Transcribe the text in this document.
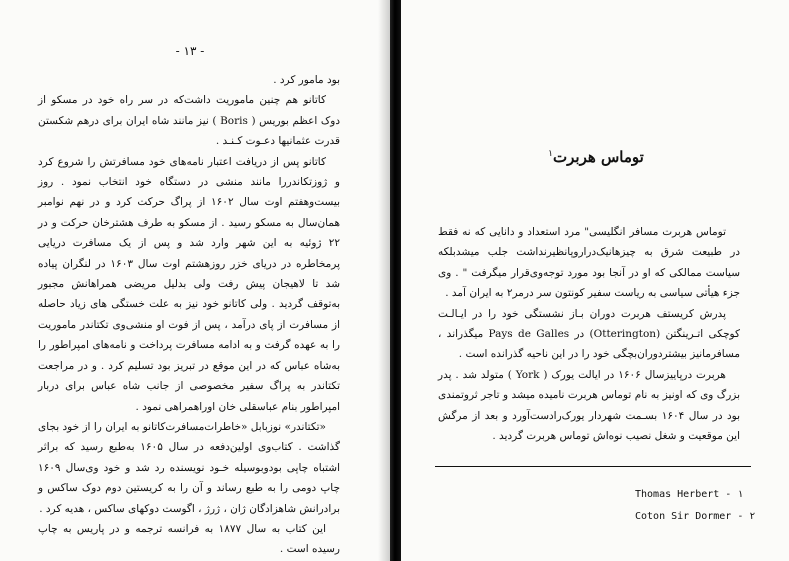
- ١٣ -

بود مامور کرد .

کاتانو هم چنین ماموریت داشت‌که در سر راه خود در مسکو از دوک اعظم بوریس ( Boris ) نیز مانند شاه ایران برای درهم شکستن قدرت عثمانیها دعـوت کـنـد .

کاتانو پس از دریافت اعتبار نامه‌های خود مسافرتش را شروع کرد و ژوزتکاندررا مانند منشی در دستگاه خود انتخاب نمود . روز بیست‌وهفتم اوت سال ۱۶۰۲ از پراگ حرکت کرد و در نهم نوامبر همان‌سال به مسکو رسید . از مسکو به طرف هشترخان حرکت و در ۲۲ ژوئیه به این شهر وارد شد و پس از یک مسافرت دریایی پرمخاطره در دریای خزر روزهشتم اوت سال ۱۶۰۳ در لنگران پیاده شد تا لاهیجان پیش رفت ولی بدلیل مریضی همراهانش مجبور به‌توقف گردید . ولی کاتانو خود نیز به علت خستگی های زیاد حاصله از مسافرت از پای درآمد ، پس از فوت او منشی‌وی تکتاندر ماموریت را به عهده گرفت و به ادامه مسافرت پرداخت و نامه‌های امپراطور را به‌شاه عباس که در این موقع در تبریز بود تسلیم کرد . و در مراجعت تکتاندر به پراگ سفیر مخصوصی از جانب شاه عباس برای دربار امپراطور بنام عباسقلی خان اوراهمراهی نمود .

«تکتاندر» نوزبابل «خاطرات‌مسافرت‌کاتانو به ایران را از خود بجای گذاشت . کتاب‌وی اولین‌دفعه در سال ۱۶۰۵ به‌طبع رسید که براثر اشتباه چاپی بودوبوسیله خـود نویسنده رد شد و خود وی‌سال ۱۶۰۹ چاپ دومی را به طبع رساند و آن را به کریستین دوم دوک ساکس و برادرانش شاهزادگان ژان ، ژرژ ، اگوست دوکهای ساکس ، هدیه کرد .

این کتاب به سال ۱۸۷۷ به فرانسه ترجمه و در پاریس به چاپ رسیده است .

توماس هربرت$^۱$

توماس هربرت مسافر انگلیسی" مرد استعداد و دانایی که نه فقط در طبیعت شرق به چیزها‌نیک‌در‌اروپا‌نظیرنداشت جلب میشد‌بلکه سیاست ممالکی که او در آنجا بود مورد توجه‌وی‌قرار میگرفت " . وی جزء هیأتی سیاسی به ریاست سفیر کونتون سر درمر۲ به ایران آمد .

پدرش کریستف هربرت دوران بـاز نشستگی خود را در ایـالـت کوچکی اتـرینگتن (Otterington) در Pays de Galles میگذراند ، مسافرما‌نیز بیشتردوران‌بچگی خود را در این ناحیه گذرانده است .

هربرت در‌پاییزسال ۱۶۰۶ در ایالت یورک ( York ) متولد شد . پدر بزرگ وی که اونیز به نام توماس هربرت نامیده میشد و تاجر ثروتمندی بود در سال ۱۶۰۴ بسـمت شهردار یورک‌رادست‌آورد و بعد از مرگش این موقعیت و شغل نصیب نوه‌اش توماس هربرت گردید .

Thomas Herbert - ١
Coton Sir Dormer - ٢
